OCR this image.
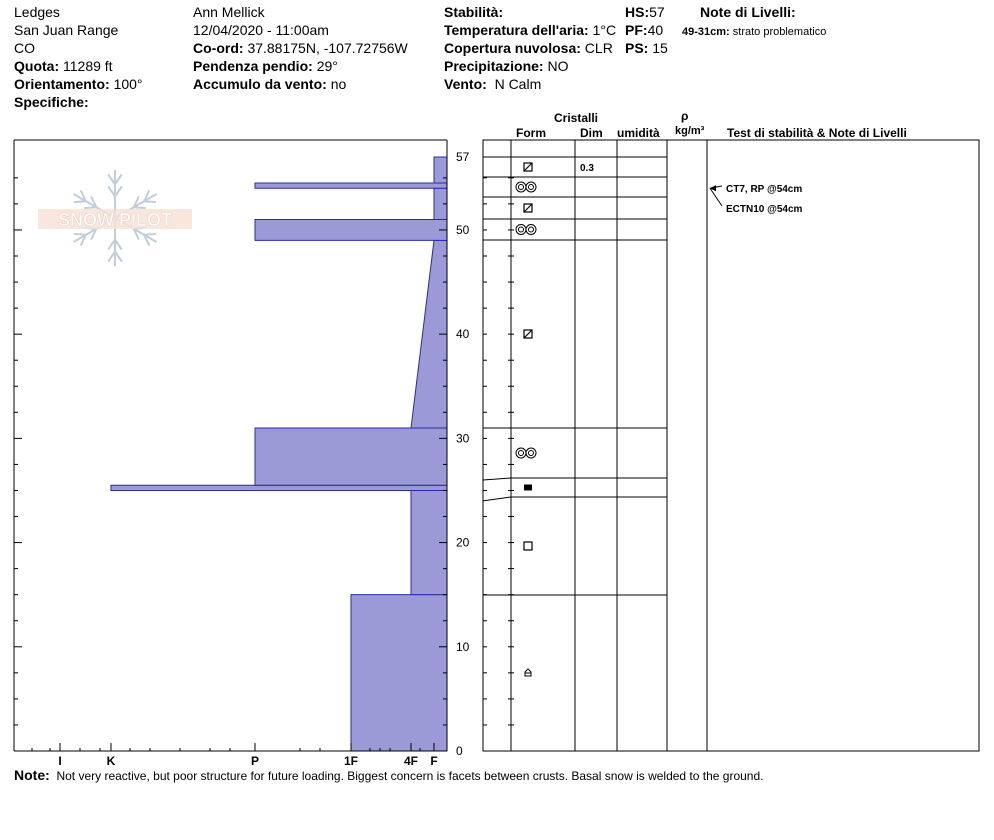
Ledges
San Juan Range
CO
Quota: 11289 ft
Orientamento: 100°
Specifiche:
Ann Mellick
12/04/2020 - 11:00am
Co-ord: 37.88175N, -107.72756W
Pendenza pendio: 29°
Accumulo da vento: no
Stabilità:
Temperatura dell'aria: 1°C
Copertura nuvolosa: CLR
Precipitazione: NO
Vento: N Calm
HS:57
PF:40
PS: 15
Note di Livelli:
49-31cm: strato problematico
Cristalli
Form	Dim umidità
ρ
kg/m³ Test di stabilità & Note di Livelli
SNOW PILOT
0
10
20
30
40
50
57
I	K	P	1F	4F F
0.3
CT7, RP @54cm
ECTN10 @54cm
Note: Not very reactive, but poor structure for future loading. Biggest concern is facets between crusts. Basal snow is welded to the ground.
